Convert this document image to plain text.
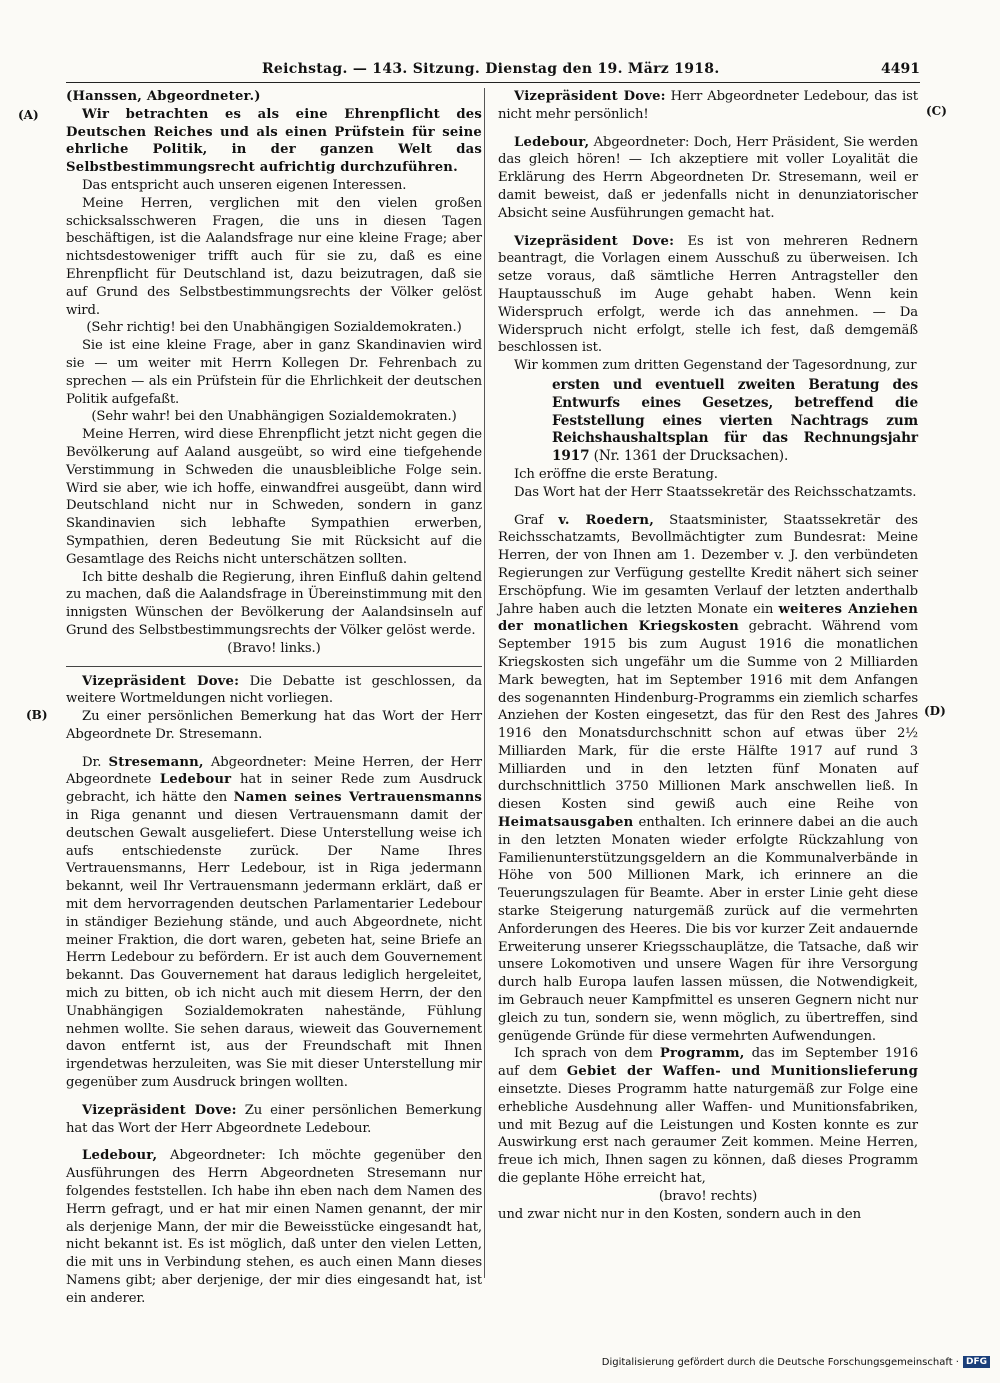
Reichstag. — 143. Sitzung. Dienstag den 19. März 1918.	4491
(A)
(B)
(C)
(D)

(Hanssen, Abgeordneter.)

Wir betrachten es als eine Ehrenpflicht des Deutschen Reiches und als einen Prüfstein für seine ehrliche Politik, in der ganzen Welt das Selbstbestimmungsrecht aufrichtig durchzuführen.

Das entspricht auch unseren eigenen Interessen.

Meine Herren, verglichen mit den vielen großen schicksalsschweren Fragen, die uns in diesen Tagen beschäftigen, ist die Aalandsfrage nur eine kleine Frage; aber nichtsdestoweniger trifft auch für sie zu, daß es eine Ehrenpflicht für Deutschland ist, dazu beizutragen, daß sie auf Grund des Selbstbestimmungsrechts der Völker gelöst wird.

(Sehr richtig! bei den Unabhängigen Sozialdemokraten.)

Sie ist eine kleine Frage, aber in ganz Skandinavien wird sie — um weiter mit Herrn Kollegen Dr. Fehrenbach zu sprechen — als ein Prüfstein für die Ehrlichkeit der deutschen Politik aufgefaßt.

(Sehr wahr! bei den Unabhängigen Sozialdemokraten.)

Meine Herren, wird diese Ehrenpflicht jetzt nicht gegen die Bevölkerung auf Aaland ausgeübt, so wird eine tiefgehende Verstimmung in Schweden die unausbleibliche Folge sein. Wird sie aber, wie ich hoffe, einwandfrei ausgeübt, dann wird Deutschland nicht nur in Schweden, sondern in ganz Skandinavien sich lebhafte Sympathien erwerben, Sympathien, deren Bedeutung Sie mit Rücksicht auf die Gesamtlage des Reichs nicht unterschätzen sollten.

Ich bitte deshalb die Regierung, ihren Einfluß dahin geltend zu machen, daß die Aalandsfrage in Übereinstimmung mit den innigsten Wünschen der Bevölkerung der Aalandsinseln auf Grund des Selbstbestimmungsrechts der Völker gelöst werde.

(Bravo! links.)

Vizepräsident Dove: Die Debatte ist geschlossen, da weitere Wortmeldungen nicht vorliegen.

Zu einer persönlichen Bemerkung hat das Wort der Herr Abgeordnete Dr. Stresemann.

Dr. Stresemann, Abgeordneter: Meine Herren, der Herr Abgeordnete Ledebour hat in seiner Rede zum Ausdruck gebracht, ich hätte den Namen seines Vertrauensmanns in Riga genannt und diesen Vertrauensmann damit der deutschen Gewalt ausgeliefert. Diese Unterstellung weise ich aufs entschiedenste zurück. Der Name Ihres Vertrauensmanns, Herr Ledebour, ist in Riga jedermann bekannt, weil Ihr Vertrauensmann jedermann erklärt, daß er mit dem hervorragenden deutschen Parlamentarier Ledebour in ständiger Beziehung stände, und auch Abgeordnete, nicht meiner Fraktion, die dort waren, gebeten hat, seine Briefe an Herrn Ledebour zu befördern. Er ist auch dem Gouvernement bekannt. Das Gouvernement hat daraus lediglich hergeleitet, mich zu bitten, ob ich nicht auch mit diesem Herrn, der den Unabhängigen Sozialdemokraten nahestände, Fühlung nehmen wollte. Sie sehen daraus, wieweit das Gouvernement davon entfernt ist, aus der Freundschaft mit Ihnen irgendetwas herzuleiten, was Sie mit dieser Unterstellung mir gegenüber zum Ausdruck bringen wollten.

Vizepräsident Dove: Zu einer persönlichen Bemerkung hat das Wort der Herr Abgeordnete Ledebour.

Ledebour, Abgeordneter: Ich möchte gegenüber den Ausführungen des Herrn Abgeordneten Stresemann nur folgendes feststellen. Ich habe ihn eben nach dem Namen des Herrn gefragt, und er hat mir einen Namen genannt, der mir als derjenige Mann, der mir die Beweisstücke eingesandt hat, nicht bekannt ist. Es ist möglich, daß unter den vielen Letten, die mit uns in Verbindung stehen, es auch einen Mann dieses Namens gibt; aber derjenige, der mir dies eingesandt hat, ist ein anderer.

Vizepräsident Dove: Herr Abgeordneter Ledebour, das ist nicht mehr persönlich!

Ledebour, Abgeordneter: Doch, Herr Präsident, Sie werden das gleich hören! — Ich akzeptiere mit voller Loyalität die Erklärung des Herrn Abgeordneten Dr. Stresemann, weil er damit beweist, daß er jedenfalls nicht in denunziatorischer Absicht seine Ausführungen gemacht hat.

Vizepräsident Dove: Es ist von mehreren Rednern beantragt, die Vorlagen einem Ausschuß zu überweisen. Ich setze voraus, daß sämtliche Herren Antragsteller den Hauptausschuß im Auge gehabt haben. Wenn kein Widerspruch erfolgt, werde ich das annehmen. — Da Widerspruch nicht erfolgt, stelle ich fest, daß demgemäß beschlossen ist.

Wir kommen zum dritten Gegenstand der Tagesordnung, zur

ersten und eventuell zweiten Beratung des Entwurfs eines Gesetzes, betreffend die Feststellung eines vierten Nachtrags zum Reichshaushaltsplan für das Rechnungsjahr 1917 (Nr. 1361 der Drucksachen).

Ich eröffne die erste Beratung.

Das Wort hat der Herr Staatssekretär des Reichsschatzamts.

Graf v. Roedern, Staatsminister, Staatssekretär des Reichsschatzamts, Bevollmächtigter zum Bundesrat: Meine Herren, der von Ihnen am 1. Dezember v. J. den verbündeten Regierungen zur Verfügung gestellte Kredit nähert sich seiner Erschöpfung. Wie im gesamten Verlauf der letzten anderthalb Jahre haben auch die letzten Monate ein weiteres Anziehen der monatlichen Kriegskosten gebracht. Während vom September 1915 bis zum August 1916 die monatlichen Kriegskosten sich ungefähr um die Summe von 2 Milliarden Mark bewegten, hat im September 1916 mit dem Anfangen des sogenannten Hindenburg-Programms ein ziemlich scharfes Anziehen der Kosten eingesetzt, das für den Rest des Jahres 1916 den Monatsdurchschnitt schon auf etwas über 2½ Milliarden Mark, für die erste Hälfte 1917 auf rund 3 Milliarden und in den letzten fünf Monaten auf durchschnittlich 3750 Millionen Mark anschwellen ließ. In diesen Kosten sind gewiß auch eine Reihe von Heimatsausgaben enthalten. Ich erinnere dabei an die auch in den letzten Monaten wieder erfolgte Rückzahlung von Familienunterstützungsgeldern an die Kommunalverbände in Höhe von 500 Millionen Mark, ich erinnere an die Teuerungszulagen für Beamte. Aber in erster Linie geht diese starke Steigerung naturgemäß zurück auf die vermehrten Anforderungen des Heeres. Die bis vor kurzer Zeit andauernde Erweiterung unserer Kriegsschauplätze, die Tatsache, daß wir unsere Lokomotiven und unsere Wagen für ihre Versorgung durch halb Europa laufen lassen müssen, die Notwendigkeit, im Gebrauch neuer Kampfmittel es unseren Gegnern nicht nur gleich zu tun, sondern sie, wenn möglich, zu übertreffen, sind genügende Gründe für diese vermehrten Aufwendungen.

Ich sprach von dem Programm, das im September 1916 auf dem Gebiet der Waffen- und Munitionslieferung einsetzte. Dieses Programm hatte naturgemäß zur Folge eine erhebliche Ausdehnung aller Waffen- und Munitionsfabriken, und mit Bezug auf die Leistungen und Kosten konnte es zur Auswirkung erst nach geraumer Zeit kommen. Meine Herren, freue ich mich, Ihnen sagen zu können, daß dieses Programm die geplante Höhe erreicht hat,

(bravo! rechts)

und zwar nicht nur in den Kosten, sondern auch in den

Digitalisierung gefördert durch die Deutsche Forschungsgemeinschaft · DFG
